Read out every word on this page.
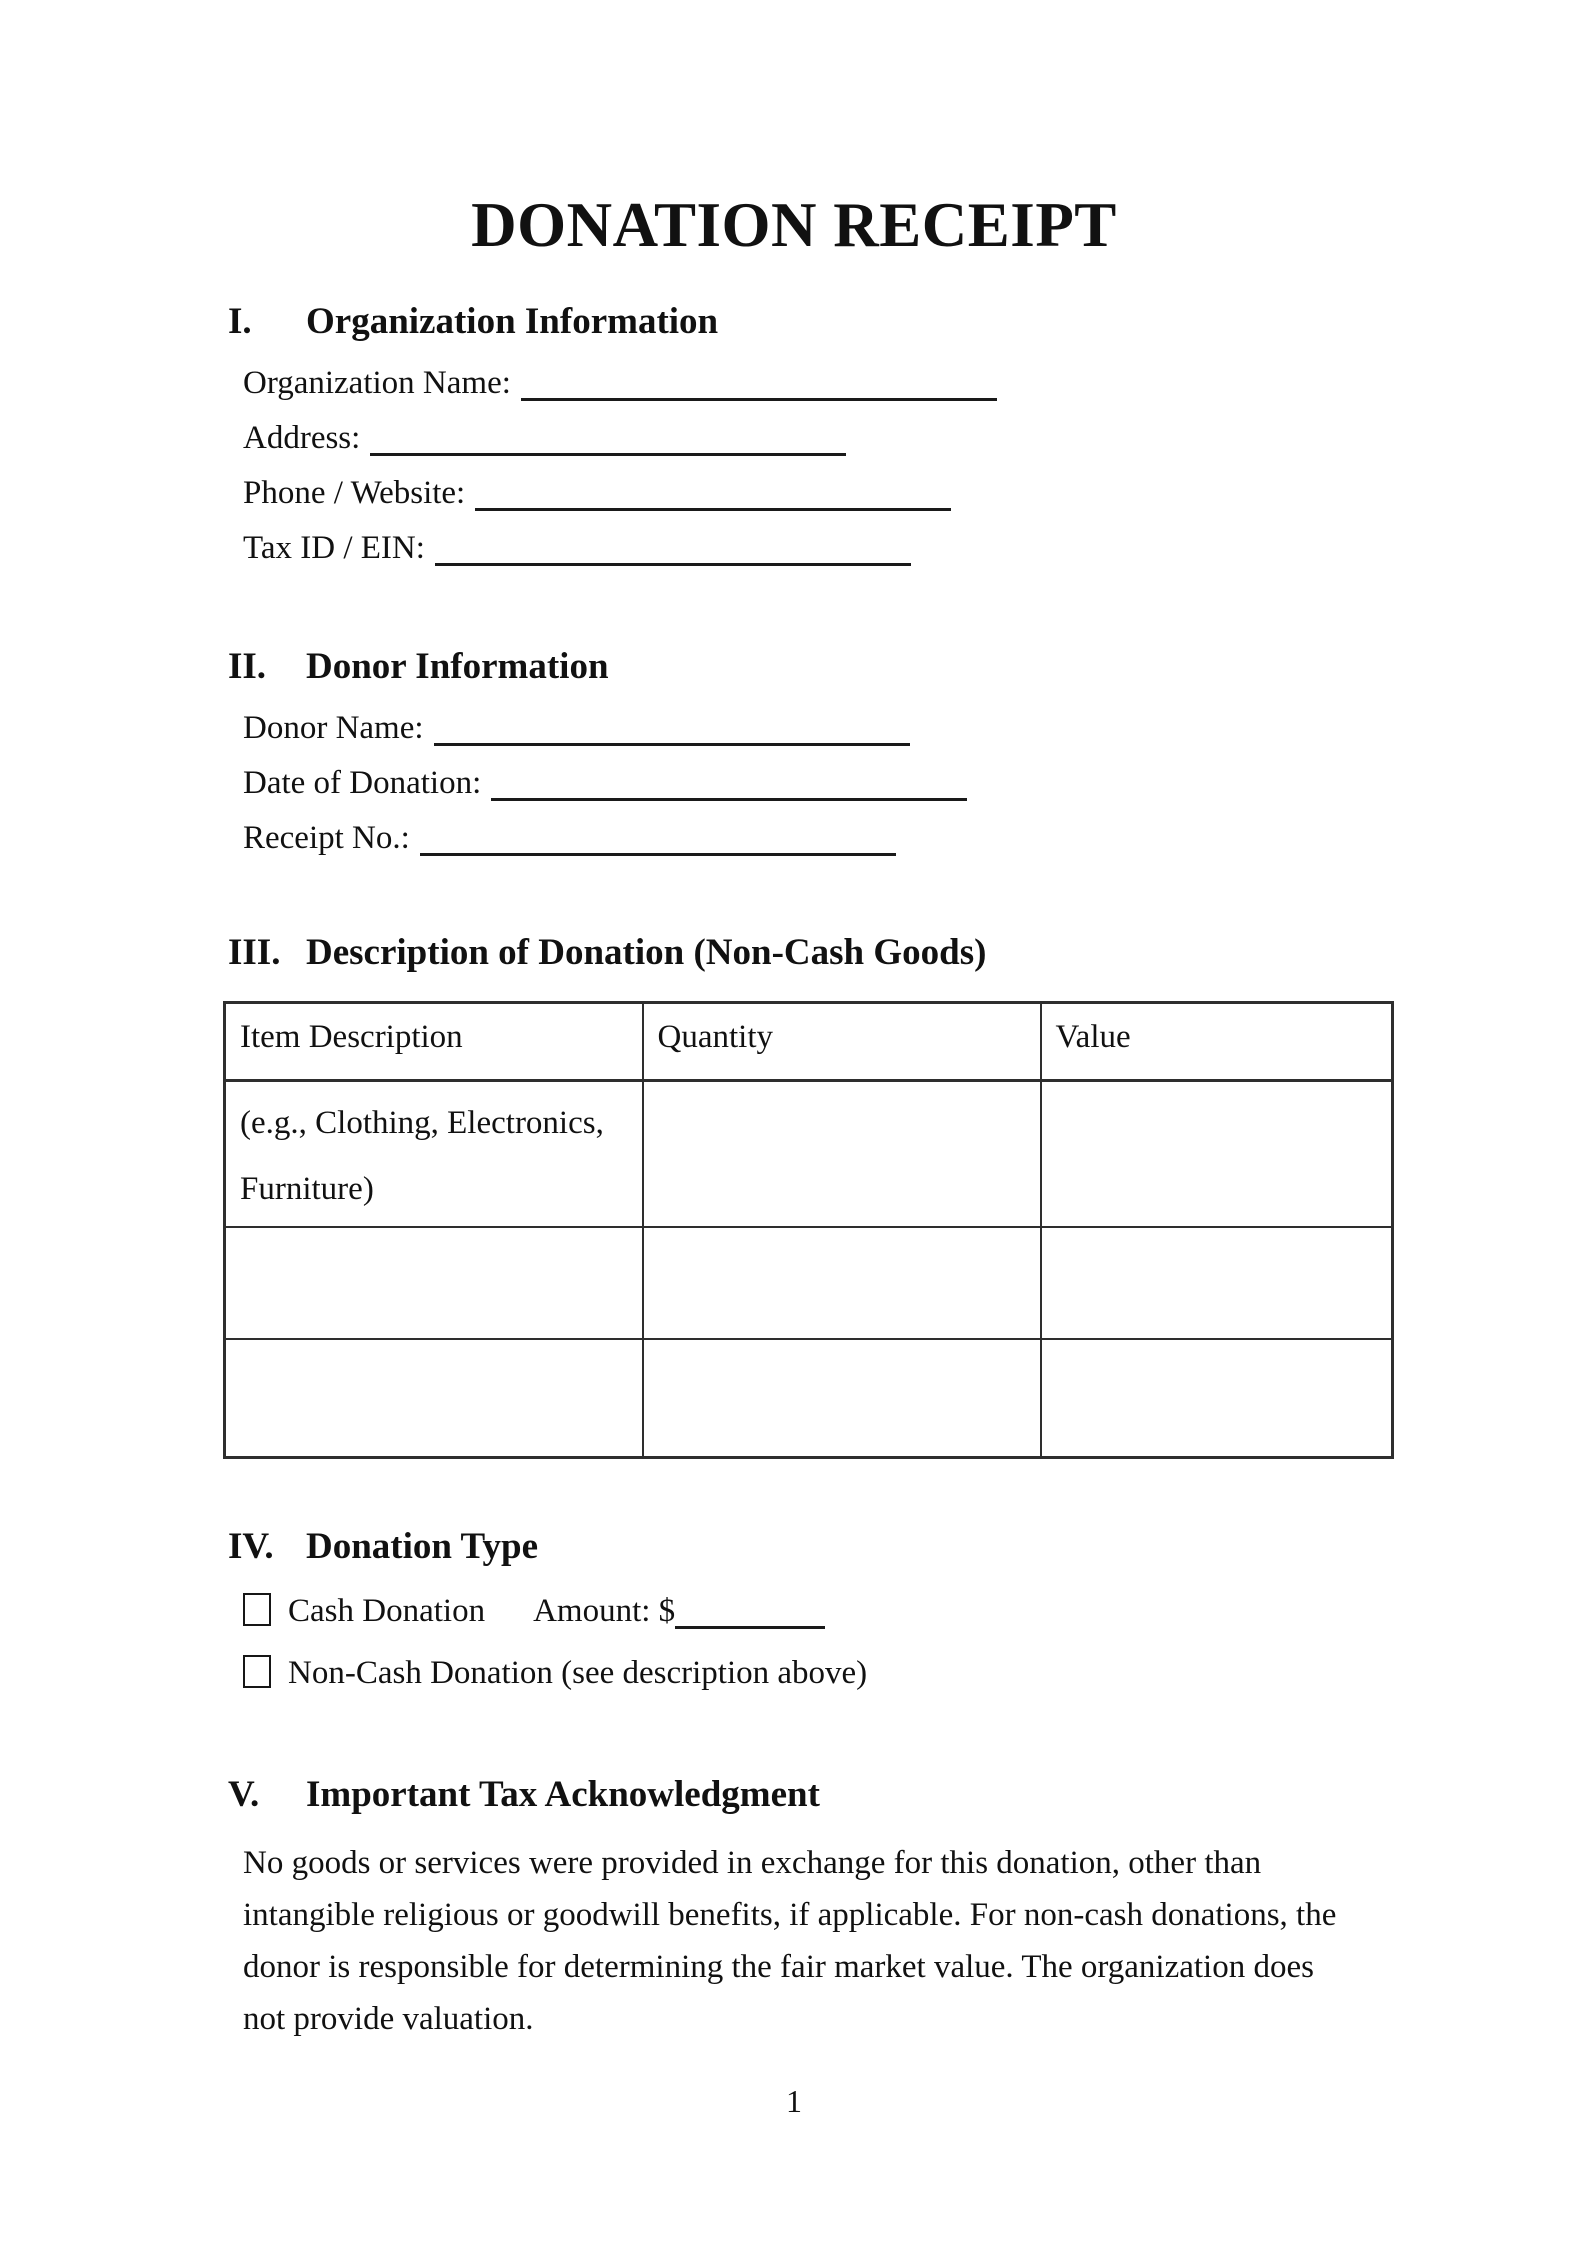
DONATION RECEIPT
I.	Organization Information
Organization Name:
Address:
Phone / Website:
Tax ID / EIN:
II.	Donor Information
Donor Name:
Date of Donation:
Receipt No.:
III. Description of Donation (Non-Cash Goods)
Item Description	Quantity	Value
(e.g., Clothing, Electronics, Furniture)		

IV. Donation Type
Cash Donation Amount: $
Non-Cash Donation (see description above)
V.	Important Tax Acknowledgment

No goods or services were provided in exchange for this donation, other than intangible religious or goodwill benefits, if applicable. For non-cash donations, the donor is responsible for determining the fair market value. The organization does not provide valuation.

1
